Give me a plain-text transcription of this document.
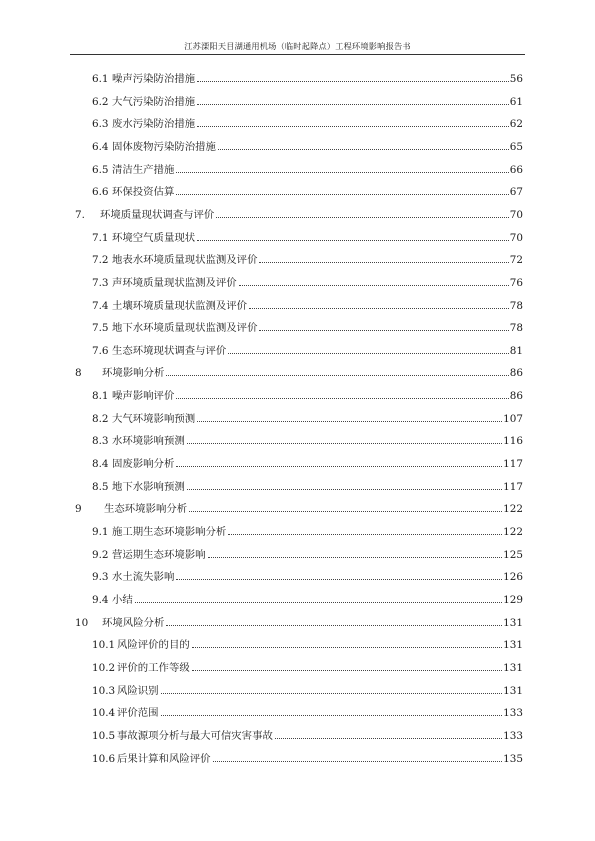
江苏溧阳天目湖通用机场（临时起降点）工程环境影响报告书
6.1 噪声污染防治措施	56
6.2 大气污染防治措施	61
6.3 废水污染防治措施	62
6.4 固体废物污染防治措施	65
6.5 清洁生产措施	66
6.6 环保投资估算	67
7. 环境质量现状调查与评价	70
7.1 环境空气质量现状	70
7.2 地表水环境质量现状监测及评价	72
7.3 声环境质量现状监测及评价	76
7.4 土壤环境质量现状监测及评价	78
7.5 地下水环境质量现状监测及评价	78
7.6 生态环境现状调查与评价	81
8 环境影响分析	86
8.1 噪声影响评价	86
8.2 大气环境影响预测	107
8.3 水环境影响预测	116
8.4 固废影响分析	117
8.5 地下水影响预测	117
9 生态环境影响分析	122
9.1 施工期生态环境影响分析	122
9.2 营运期生态环境影响	125
9.3 水土流失影响	126
9.4 小结	129
10 环境风险分析	131
10.1 风险评价的目的	131
10.2 评价的工作等级	131
10.3 风险识别	131
10.4 评价范围	133
10.5 事故源项分析与最大可信灾害事故	133
10.6 后果计算和风险评价	135
